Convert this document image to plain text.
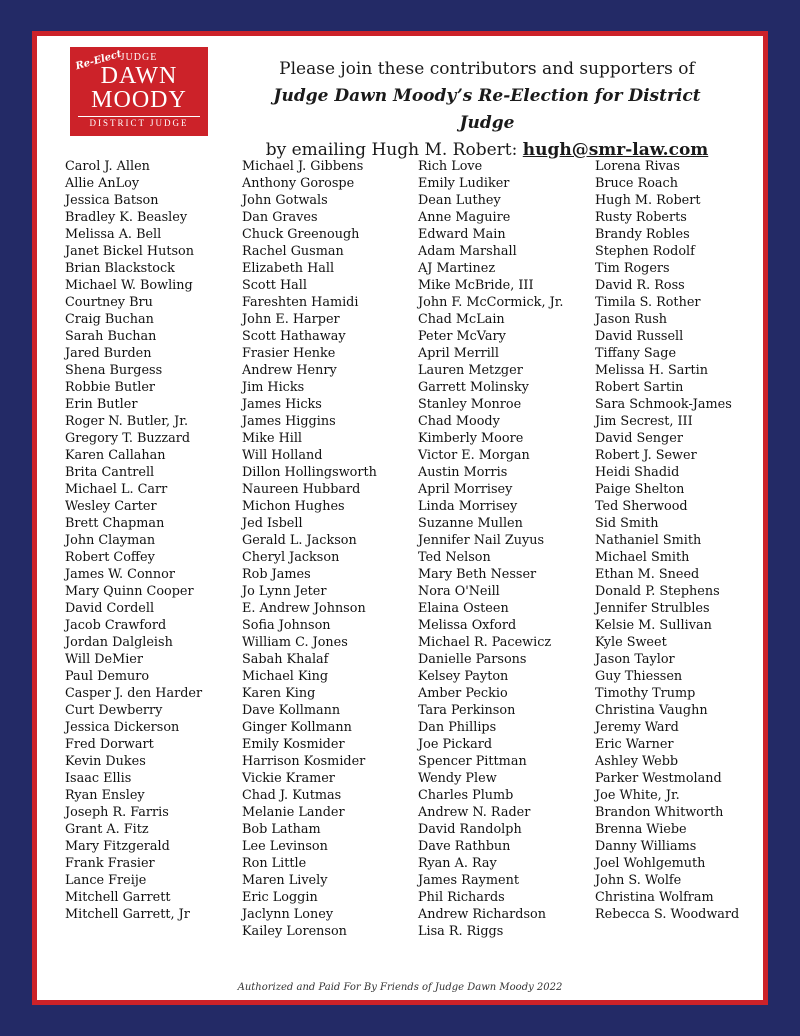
Re-Elect
JUDGE
DAWN
MOODY
DISTRICT JUDGE
Please join these contributors and supporters of
Judge Dawn Moody’s Re-Election for District Judge
by emailing Hugh M. Robert: hugh@smr-law.com
Carol J. Allen
Allie AnLoy
Jessica Batson
Bradley K. Beasley
Melissa A. Bell
Janet Bickel Hutson
Brian Blackstock
Michael W. Bowling
Courtney Bru
Craig Buchan
Sarah Buchan
Jared Burden
Shena Burgess
Robbie Butler
Erin Butler
Roger N. Butler, Jr.
Gregory T. Buzzard
Karen Callahan
Brita Cantrell
Michael L. Carr
Wesley Carter
Brett Chapman
John Clayman
Robert Coffey
James W. Connor
Mary Quinn Cooper
David Cordell
Jacob Crawford
Jordan Dalgleish
Will DeMier
Paul Demuro
Casper J. den Harder
Curt Dewberry
Jessica Dickerson
Fred Dorwart
Kevin Dukes
Isaac Ellis
Ryan Ensley
Joseph R. Farris
Grant A. Fitz
Mary Fitzgerald
Frank Frasier
Lance Freije
Mitchell Garrett
Mitchell Garrett, Jr
Michael J. Gibbens
Anthony Gorospe
John Gotwals
Dan Graves
Chuck Greenough
Rachel Gusman
Elizabeth Hall
Scott Hall
Fareshten Hamidi
John E. Harper
Scott Hathaway
Frasier Henke
Andrew Henry
Jim Hicks
James Hicks
James Higgins
Mike Hill
Will Holland
Dillon Hollingsworth
Naureen Hubbard
Michon Hughes
Jed Isbell
Gerald L. Jackson
Cheryl Jackson
Rob James
Jo Lynn Jeter
E. Andrew Johnson
Sofia Johnson
William C. Jones
Sabah Khalaf
Michael King
Karen King
Dave Kollmann
Ginger Kollmann
Emily Kosmider
Harrison Kosmider
Vickie Kramer
Chad J. Kutmas
Melanie Lander
Bob Latham
Lee Levinson
Ron Little
Maren Lively
Eric Loggin
Jaclynn Loney
Kailey Lorenson
Rich Love
Emily Ludiker
Dean Luthey
Anne Maguire
Edward Main
Adam Marshall
AJ Martinez
Mike McBride, III
John F. McCormick, Jr.
Chad McLain
Peter McVary
April Merrill
Lauren Metzger
Garrett Molinsky
Stanley Monroe
Chad Moody
Kimberly Moore
Victor E. Morgan
Austin Morris
April Morrisey
Linda Morrisey
Suzanne Mullen
Jennifer Nail Zuyus
Ted Nelson
Mary Beth Nesser
Nora O'Neill
Elaina Osteen
Melissa Oxford
Michael R. Pacewicz
Danielle Parsons
Kelsey Payton
Amber Peckio
Tara Perkinson
Dan Phillips
Joe Pickard
Spencer Pittman
Wendy Plew
Charles Plumb
Andrew N. Rader
David Randolph
Dave Rathbun
Ryan A. Ray
James Rayment
Phil Richards
Andrew Richardson
Lisa R. Riggs
Lorena Rivas
Bruce Roach
Hugh M. Robert
Rusty Roberts
Brandy Robles
Stephen Rodolf
Tim Rogers
David R. Ross
Timila S. Rother
Jason Rush
David Russell
Tiffany Sage
Melissa H. Sartin
Robert Sartin
Sara Schmook-James
Jim Secrest, III
David Senger
Robert J. Sewer
Heidi Shadid
Paige Shelton
Ted Sherwood
Sid Smith
Nathaniel Smith
Michael Smith
Ethan M. Sneed
Donald P. Stephens
Jennifer Strulbles
Kelsie M. Sullivan
Kyle Sweet
Jason Taylor
Guy Thiessen
Timothy Trump
Christina Vaughn
Jeremy Ward
Eric Warner
Ashley Webb
Parker Westmoland
Joe White, Jr.
Brandon Whitworth
Brenna Wiebe
Danny Williams
Joel Wohlgemuth
John S. Wolfe
Christina Wolfram
Rebecca S. Woodward
Authorized and Paid For By Friends of Judge Dawn Moody 2022
